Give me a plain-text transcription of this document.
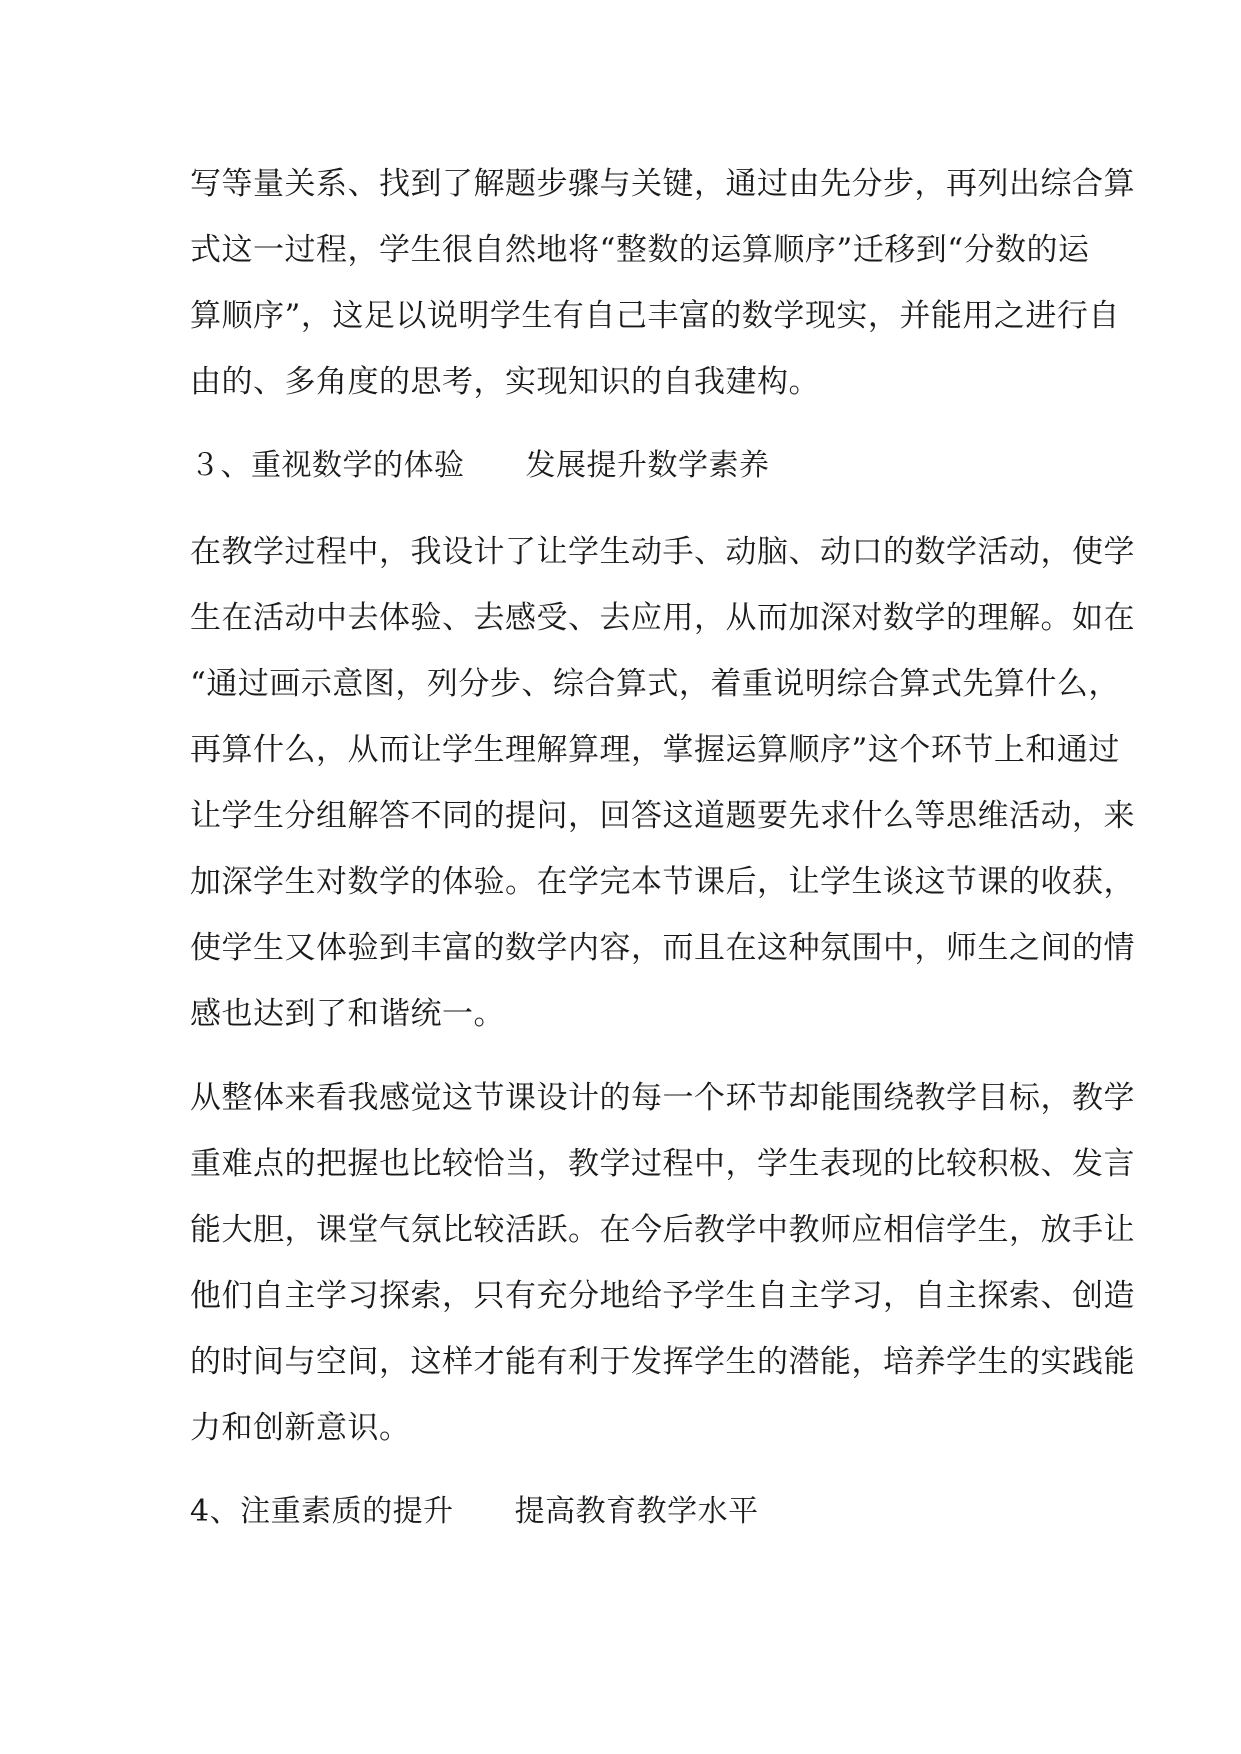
写等量关系、找到了解题步骤与关键，通过由先分步，再列出综合算
式这一过程，学生很自然地将“整数的运算顺序”迁移到“分数的运
算顺序”，这足以说明学生有自己丰富的数学现实，并能用之进行自
由的、多角度的思考，实现知识的自我建构。
３、重视数学的体验　　发展提升数学素养
在教学过程中，我设计了让学生动手、动脑、动口的数学活动，使学
生在活动中去体验、去感受、去应用，从而加深对数学的理解。如在
“通过画示意图，列分步、综合算式，着重说明综合算式先算什么，
再算什么，从而让学生理解算理，掌握运算顺序”这个环节上和通过
让学生分组解答不同的提问，回答这道题要先求什么等思维活动，来
加深学生对数学的体验。在学完本节课后，让学生谈这节课的收获，
使学生又体验到丰富的数学内容，而且在这种氛围中，师生之间的情
感也达到了和谐统一。
从整体来看我感觉这节课设计的每一个环节却能围绕教学目标，教学
重难点的把握也比较恰当，教学过程中，学生表现的比较积极、发言
能大胆，课堂气氛比较活跃。在今后教学中教师应相信学生，放手让
他们自主学习探索，只有充分地给予学生自主学习，自主探索、创造
的时间与空间，这样才能有利于发挥学生的潜能，培养学生的实践能
力和创新意识。
4、注重素质的提升　　提高教育教学水平
